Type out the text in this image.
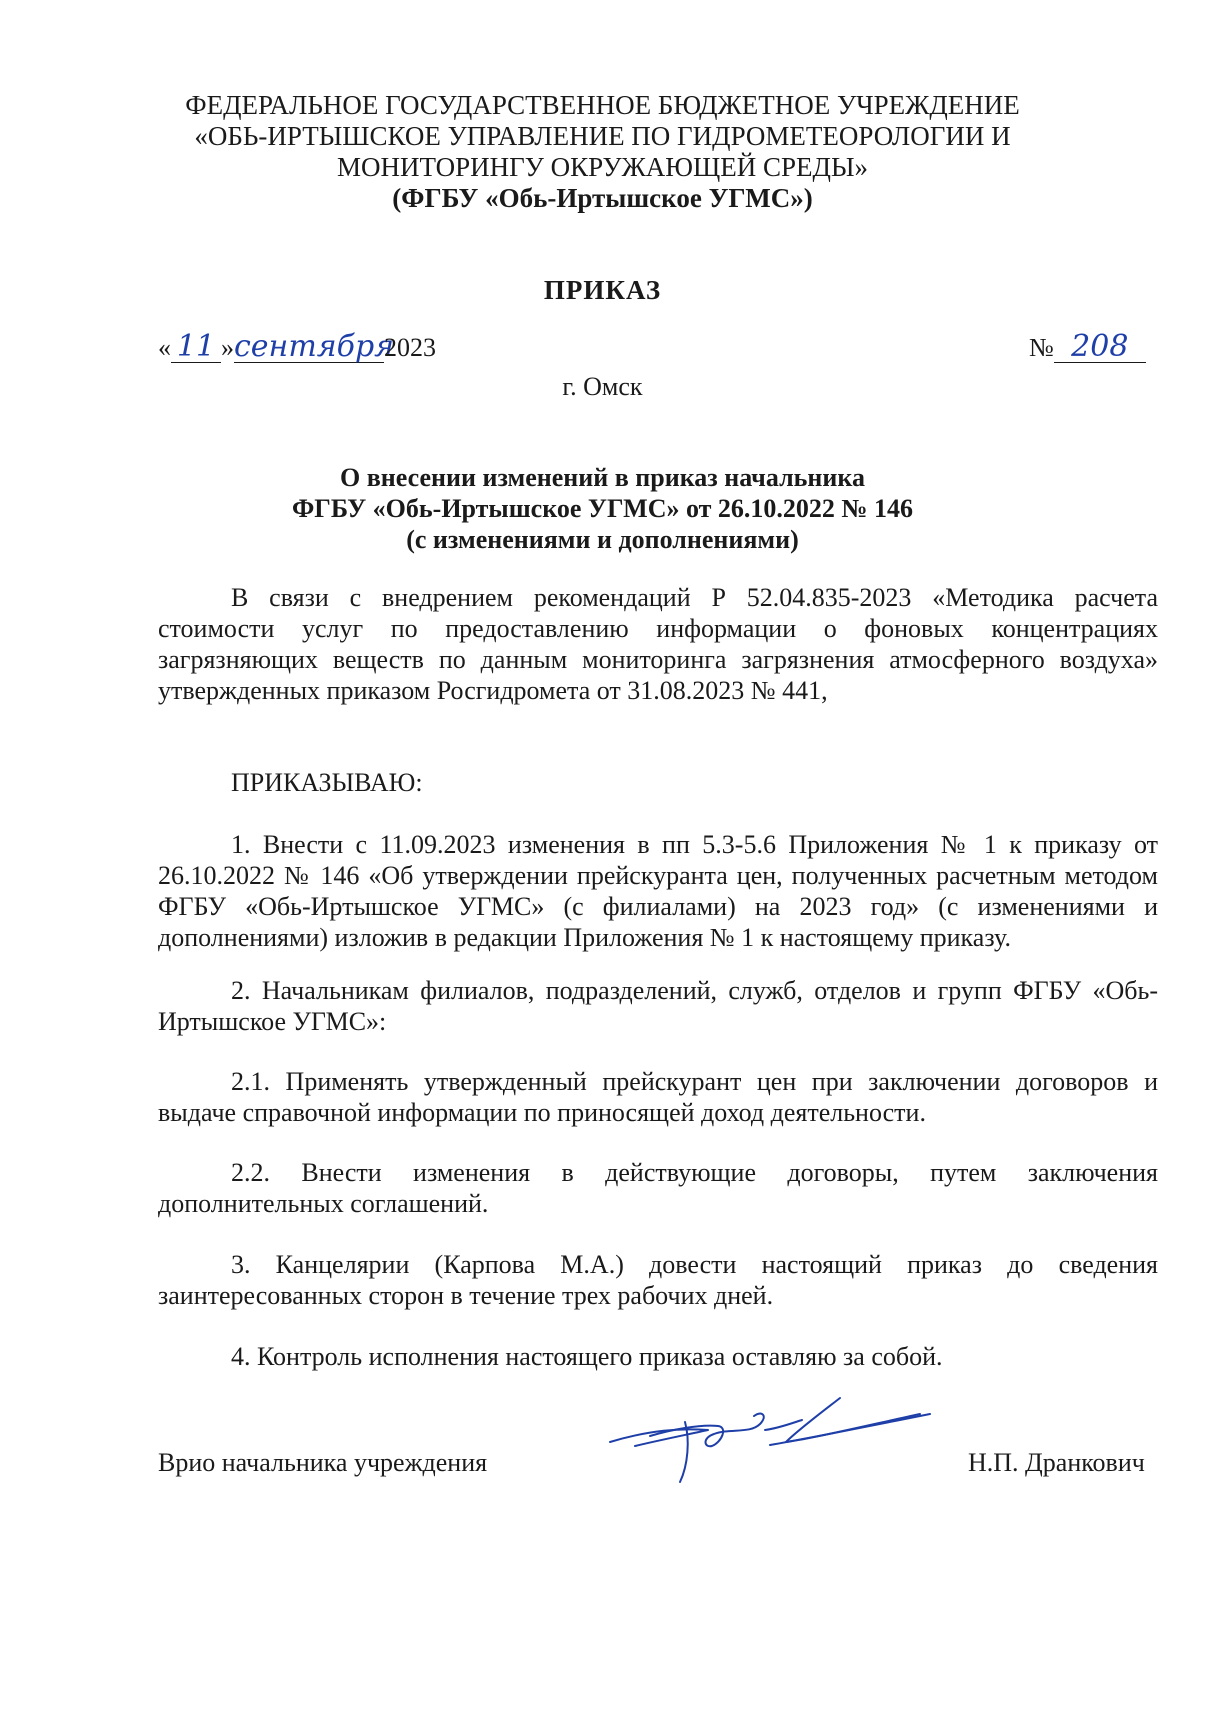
ФЕДЕРАЛЬНОЕ ГОСУДАРСТВЕННОЕ БЮДЖЕТНОЕ УЧРЕЖДЕНИЕ
«ОБЬ-ИРТЫШСКОЕ УПРАВЛЕНИЕ ПО ГИДРОМЕТЕОРОЛОГИИ И
МОНИТОРИНГУ ОКРУЖАЮЩЕЙ СРЕДЫ»
(ФГБУ «Обь-Иртышское УГМС»)
ПРИКАЗ
« 11 »сентября2023	№ 208
г. Омск
О внесении изменений в приказ начальника
ФГБУ «Обь-Иртышское УГМС» от 26.10.2022 № 146
(с изменениями и дополнениями)

В связи с внедрением рекомендаций Р 52.04.835-2023 «Методика расчета стоимости услуг по предоставлению информации о фоновых концентрациях загрязняющих веществ по данным мониторинга загрязнения атмосферного воздуха» утвержденных приказом Росгидромета от 31.08.2023 № 441,

ПРИКАЗЫВАЮ:

1. Внести с 11.09.2023 изменения в пп 5.3-5.6 Приложения № 1 к приказу от 26.10.2022 № 146 «Об утверждении прейскуранта цен, полученных расчетным методом ФГБУ «Обь-Иртышское УГМС» (с филиалами) на 2023 год» (с изменениями и дополнениями) изложив в редакции Приложения № 1 к настоящему приказу.

2. Начальникам филиалов, подразделений, служб, отделов и групп ФГБУ «Обь-Иртышское УГМС»:

2.1. Применять утвержденный прейскурант цен при заключении договоров и выдаче справочной информации по приносящей доход деятельности.

2.2. Внести изменения в действующие договоры, путем заключения дополнительных соглашений.

3. Канцелярии (Карпова М.А.) довести настоящий приказ до сведения заинтересованных сторон в течение трех рабочих дней.

4. Контроль исполнения настоящего приказа оставляю за собой.

Врио начальника учреждения	Н.П. Дранкович
